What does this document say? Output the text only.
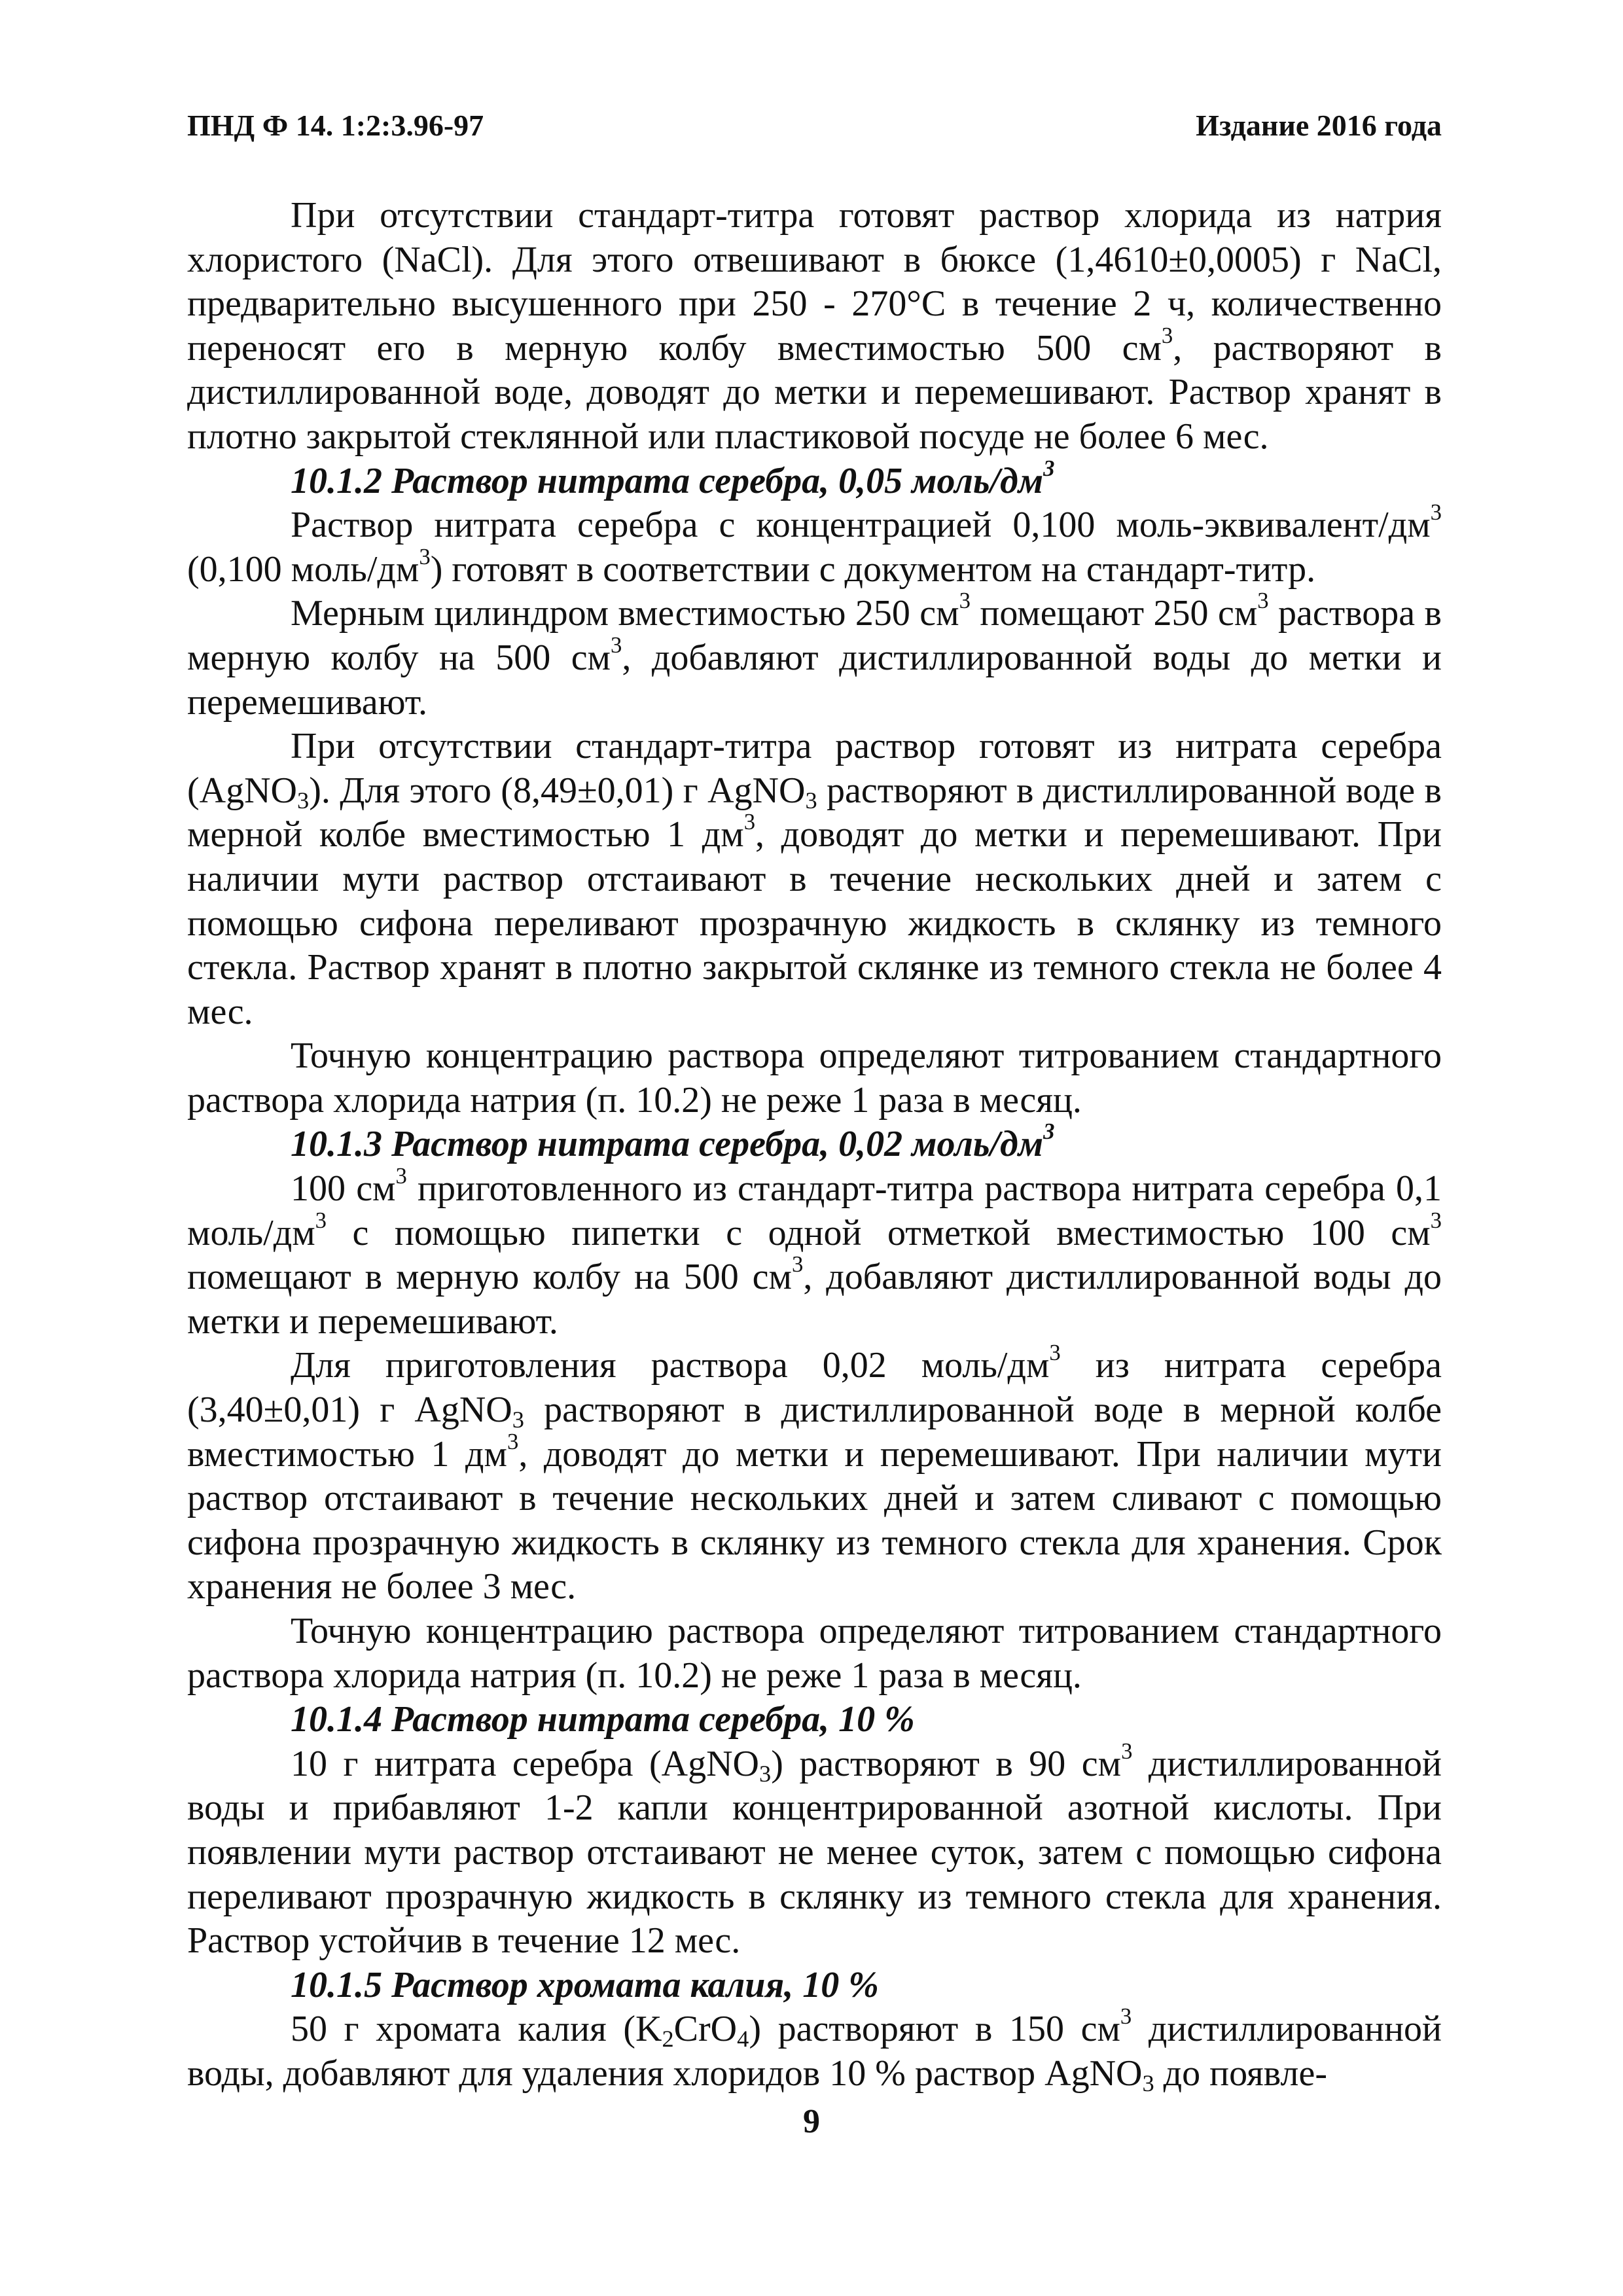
ПНД Ф 14. 1:2:3.96-97	Издание 2016 года

При отсутствии стандарт-титра готовят раствор хлорида из натрия хлористого (NaCl). Для этого отвешивают в бюксе (1,4610±0,0005) г NaCl, предварительно высушенного при 250 - 270°C в течение 2 ч, количественно переносят его в мерную колбу вместимостью 500 $см^3$, растворяют в дистиллированной воде, доводят до метки и перемешивают. Раствор хранят в плотно закрытой стеклянной или пластиковой посуде не более 6 мес.

10.1.2 Раствор нитрата серебра, 0,05 моль/$дм^3$

Раствор нитрата серебра с концентрацией 0,100 моль-$эквивалент/дм^3$ (0,100 моль/$дм^3$) готовят в соответствии с документом на стандарт-титр.

Мерным цилиндром вместимостью 250 $см^3$ помещают 250 $см^3$ раствора в мерную колбу на 500 $см^3$, добавляют дистиллированной воды до метки и перемешивают.

При отсутствии стандарт-титра раствор готовят из нитрата серебра (AgNO$_3$). Для этого (8,49±0,01) г AgNO$_3$ растворяют в дистиллированной воде в мерной колбе вместимостью 1 $дм^3$, доводят до метки и перемешивают. При наличии мути раствор отстаивают в течение нескольких дней и затем с помощью сифона переливают прозрачную жидкость в склянку из темного стекла. Раствор хранят в плотно закрытой склянке из темного стекла не более 4 мес.

Точную концентрацию раствора определяют титрованием стандартного раствора хлорида натрия (п. 10.2) не реже 1 раза в месяц.

10.1.3 Раствор нитрата серебра, 0,02 моль/$дм^3$

100 $см^3$ приготовленного из стандарт-титра раствора нитрата серебра 0,1 моль/$дм^3$ с помощью пипетки с одной отметкой вместимостью 100 $см^3$ помещают в мерную колбу на 500 $см^3$, добавляют дистиллированной воды до метки и перемешивают.

Для приготовления раствора 0,02 моль/$дм^3$ из нитрата серебра (3,40±0,01) г AgNO$_3$ растворяют в дистиллированной воде в мерной колбе вместимостью 1 $дм^3$, доводят до метки и перемешивают. При наличии мути раствор отстаивают в течение нескольких дней и затем сливают с помощью сифона прозрачную жидкость в склянку из темного стекла для хранения. Срок хранения не более 3 мес.

Точную концентрацию раствора определяют титрованием стандартного раствора хлорида натрия (п. 10.2) не реже 1 раза в месяц.

10.1.4 Раствор нитрата серебра, 10 %

10 г нитрата серебра (AgNO$_3$) растворяют в 90 $см^3$ дистиллированной воды и прибавляют 1-2 капли концентрированной азотной кислоты. При появлении мути раствор отстаивают не менее суток, затем с помощью сифона переливают прозрачную жидкость в склянку из темного стекла для хранения. Раствор устойчив в течение 12 мес.

10.1.5 Раствор хромата калия, 10 %

50 г хромата калия $(K_2CrO_4)$ растворяют в 150 $см^3$ дистиллированной воды, добавляют для удаления хлоридов 10 % раствор AgNO$_3$ до появле-

9
